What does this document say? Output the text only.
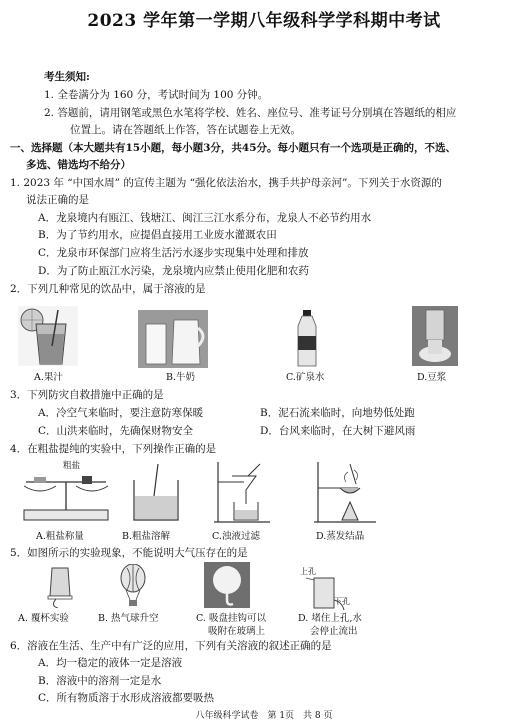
2023 学年第一学期八年级科学学科期中考试
考生须知:
1. 全卷满分为 160 分，考试时间为 100 分钟。
2. 答题前，请用钢笔或黑色水笔将学校、姓名、座位号、准考证号分别填在答题纸的相应
位置上。请在答题纸上作答，答在试题卷上无效。
一、选择题（本大题共有15小题，每小题3分，共45分。每小题只有一个选项是正确的，不选、
多选、错选均不给分）
1. 2023 年 “中国水周” 的宣传主题为 “强化依法治水，携手共护母亲河”。下列关于水资源的
说法正确的是
A．龙泉境内有瓯江、钱塘江、闽江三江水系分布，龙泉人不必节约用水
B．为了节约用水，应提倡直接用工业废水灌溉农田
C．龙泉市环保部门应将生活污水逐步实现集中处理和排放
D．为了防止瓯江水污染，龙泉境内应禁止使用化肥和农药
2．下列几种常见的饮品中，属于溶液的是
A.果汁	B.牛奶	C.矿泉水	D.豆浆
3．下列防灾自救措施中正确的是
A．冷空气来临时，要注意防寒保暖	B．泥石流来临时，向地势低处跑
C．山洪来临时，先确保财物安全	D．台风来临时，在大树下避风雨
4．在粗盐提纯的实验中，下列操作正确的是
粗盐
A.粗盐称量	B.粗盐溶解	C.浊液过滤	D.蒸发结晶
5．如图所示的实验现象，不能说明大气压存在的是
上孔
下孔
A. 覆杯实验	B. 热气球升空	C. 吸盘挂钩可以
吸附在玻璃上
D. 堵住上孔,水
会停止流出
6．溶液在生活、生产中有广泛的应用，下列有关溶液的叙述正确的是
A．均一稳定的液体一定是溶液
B．溶液中的溶剂一定是水
C．所有物质溶于水形成溶液都要吸热
八年级科学试卷　第 1页　共 8 页
